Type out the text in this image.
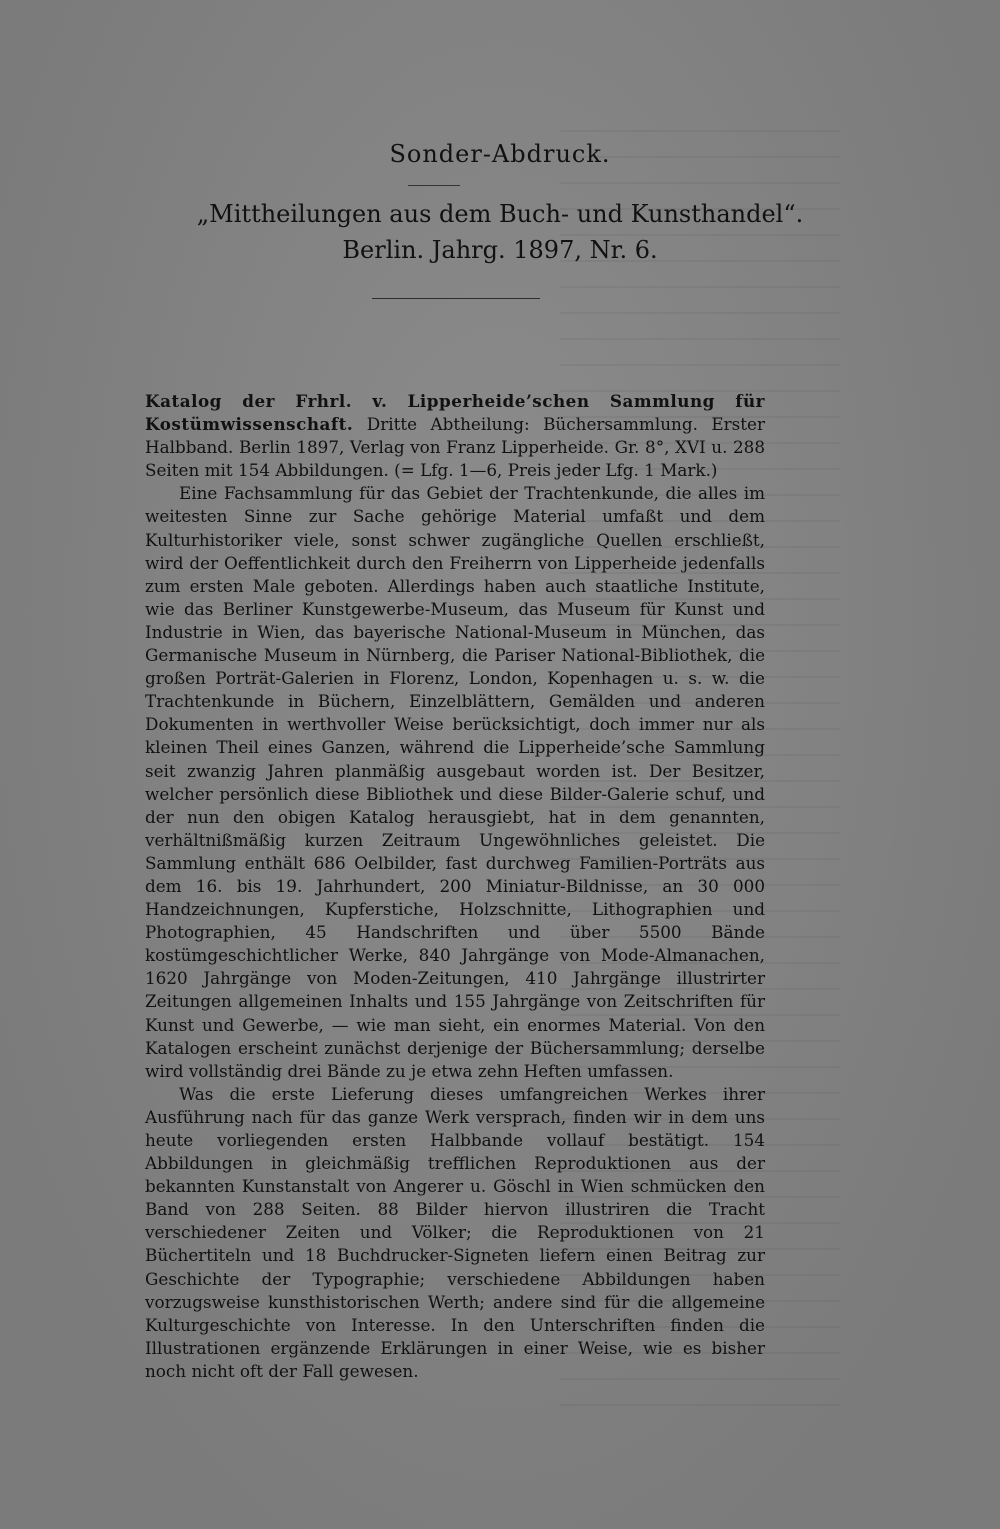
Sonder-Abdruck.
„Mittheilungen aus dem Buch- und Kunsthandel“.
Berlin. Jahrg. 1897, Nr. 6.

Katalog der Frhrl. v. Lipperheide’schen Sammlung für Kostümwissenschaft. Dritte Abtheilung: Büchersammlung. Erster Halbband. Berlin 1897, Verlag von Franz Lipperheide. Gr. 8°, XVI u. 288 Seiten mit 154 Abbildungen. (= Lfg. 1—6, Preis jeder Lfg. 1 Mark.)

Eine Fachsammlung für das Gebiet der Trachtenkunde, die alles im weitesten Sinne zur Sache gehörige Material umfaßt und dem Kulturhistoriker viele, sonst schwer zugängliche Quellen erschließt, wird der Oeffentlichkeit durch den Freiherrn von Lipperheide jedenfalls zum ersten Male geboten. Allerdings haben auch staatliche Institute, wie das Berliner Kunstgewerbe-Museum, das Museum für Kunst und Industrie in Wien, das bayerische National-Museum in München, das Germanische Museum in Nürnberg, die Pariser National-Bibliothek, die großen Porträt-Galerien in Florenz, London, Kopenhagen u. s. w. die Trachtenkunde in Büchern, Einzelblättern, Gemälden und anderen Dokumenten in werthvoller Weise berücksichtigt, doch immer nur als kleinen Theil eines Ganzen, während die Lipperheide’sche Sammlung seit zwanzig Jahren planmäßig ausgebaut worden ist. Der Besitzer, welcher persönlich diese Bibliothek und diese Bilder-Galerie schuf, und der nun den obigen Katalog herausgiebt, hat in dem genannten, verhältnißmäßig kurzen Zeitraum Ungewöhnliches geleistet. Die Sammlung enthält 686 Oelbilder, fast durchweg Familien-Porträts aus dem 16. bis 19. Jahrhundert, 200 Miniatur-Bildnisse, an 30 000 Handzeichnungen, Kupferstiche, Holzschnitte, Lithographien und Photographien, 45 Handschriften und über 5500 Bände kostümgeschichtlicher Werke, 840 Jahrgänge von Mode-Almanachen, 1620 Jahrgänge von Moden-Zeitungen, 410 Jahrgänge illustrirter Zeitungen allgemeinen Inhalts und 155 Jahrgänge von Zeitschriften für Kunst und Gewerbe, — wie man sieht, ein enormes Material. Von den Katalogen erscheint zunächst derjenige der Büchersammlung; derselbe wird vollständig drei Bände zu je etwa zehn Heften umfassen.

Was die erste Lieferung dieses umfangreichen Werkes ihrer Ausführung nach für das ganze Werk versprach, finden wir in dem uns heute vorliegenden ersten Halbbande vollauf bestätigt. 154 Abbildungen in gleichmäßig trefflichen Reproduktionen aus der bekannten Kunstanstalt von Angerer u. Göschl in Wien schmücken den Band von 288 Seiten. 88 Bilder hiervon illustriren die Tracht verschiedener Zeiten und Völker; die Reproduktionen von 21 Büchertiteln und 18 Buchdrucker-Signeten liefern einen Beitrag zur Geschichte der Typographie; verschiedene Abbildungen haben vorzugsweise kunsthistorischen Werth; andere sind für die allgemeine Kulturgeschichte von Interesse. In den Unterschriften finden die Illustrationen ergänzende Erklärungen in einer Weise, wie es bisher noch nicht oft der Fall gewesen.
